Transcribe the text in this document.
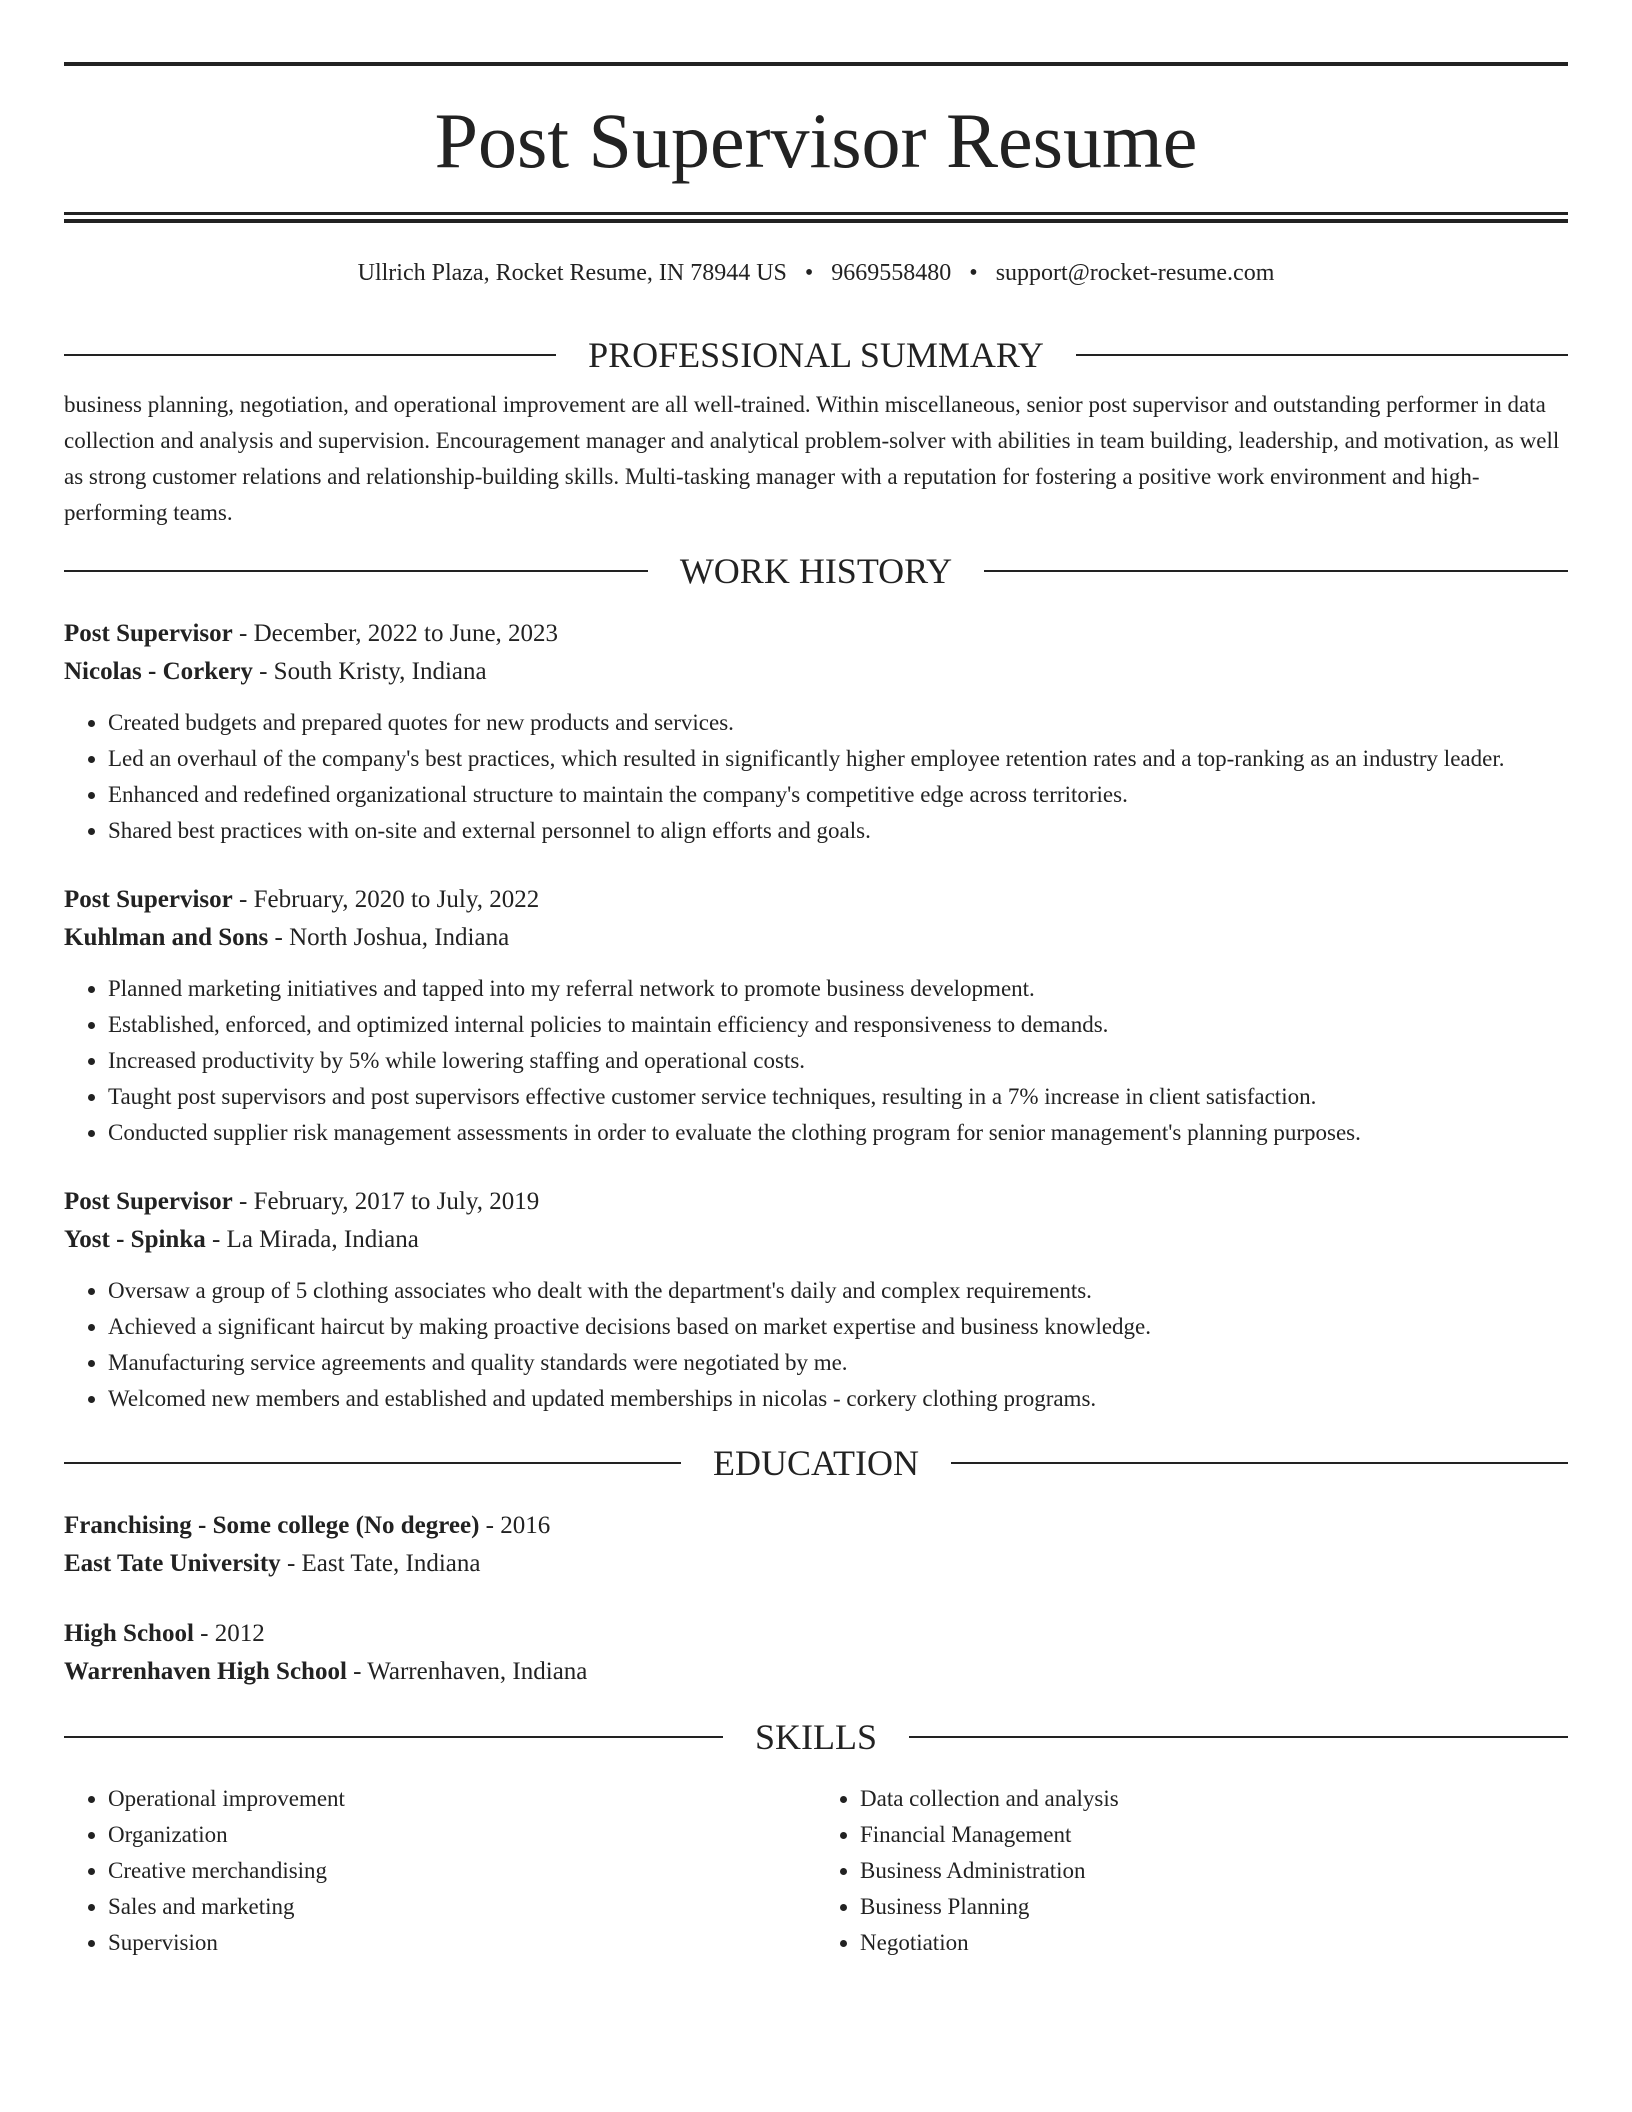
Post Supervisor Resume
Ullrich Plaza, Rocket Resume, IN 78944 US • 9669558480 • support@rocket-resume.com
PROFESSIONAL SUMMARY

business planning, negotiation, and operational improvement are all well-trained. Within miscellaneous, senior post supervisor and outstanding performer in data collection and analysis and supervision. Encouragement manager and analytical problem-solver with abilities in team building, leadership, and motivation, as well as strong customer relations and relationship-building skills. Multi-tasking manager with a reputation for fostering a positive work environment and high-performing teams.

WORK HISTORY
Post Supervisor - December, 2022 to June, 2023
Nicolas - Corkery - South Kristy, Indiana
• Created budgets and prepared quotes for new products and services.
• Led an overhaul of the company's best practices, which resulted in significantly higher employee retention rates and a top-ranking as an industry leader.
• Enhanced and redefined organizational structure to maintain the company's competitive edge across territories.
• Shared best practices with on-site and external personnel to align efforts and goals.
Post Supervisor - February, 2020 to July, 2022
Kuhlman and Sons - North Joshua, Indiana
• Planned marketing initiatives and tapped into my referral network to promote business development.
• Established, enforced, and optimized internal policies to maintain efficiency and responsiveness to demands.
• Increased productivity by 5% while lowering staffing and operational costs.
• Taught post supervisors and post supervisors effective customer service techniques, resulting in a 7% increase in client satisfaction.
• Conducted supplier risk management assessments in order to evaluate the clothing program for senior management's planning purposes.
Post Supervisor - February, 2017 to July, 2019
Yost - Spinka - La Mirada, Indiana
• Oversaw a group of 5 clothing associates who dealt with the department's daily and complex requirements.
• Achieved a significant haircut by making proactive decisions based on market expertise and business knowledge.
• Manufacturing service agreements and quality standards were negotiated by me.
• Welcomed new members and established and updated memberships in nicolas - corkery clothing programs.
EDUCATION
Franchising - Some college (No degree) - 2016
East Tate University - East Tate, Indiana
High School - 2012
Warrenhaven High School - Warrenhaven, Indiana
SKILLS
• Operational improvement
• Organization
• Creative merchandising
• Sales and marketing
• Supervision
• Data collection and analysis
• Financial Management
• Business Administration
• Business Planning
• Negotiation
